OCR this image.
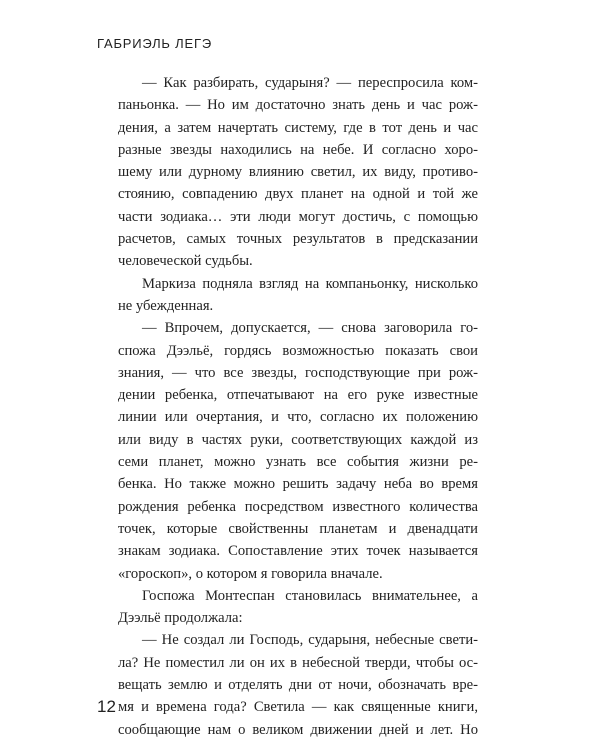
ГАБРИЭЛЬ ЛЕГЭ
— Как разбирать, сударыня? — переспросила ком-
паньонка. — Но им достаточно знать день и час рож-
дения, а затем начертать систему, где в тот день и час
разные звезды находились на небе. И согласно хоро-
шему или дурному влиянию светил, их виду, противо-
стоянию, совпадению двух планет на одной и той же
части зодиака… эти люди могут достичь, с помощью
расчетов, самых точных результатов в предсказании
человеческой судьбы.
Маркиза подняла взгляд на компаньонку, нисколько
не убежденная.
— Впрочем, допускается, — снова заговорила го-
спожа Дээльё, гордясь возможностью показать свои
знания, — что все звезды, господствующие при рож-
дении ребенка, отпечатывают на его руке известные
линии или очертания, и что, согласно их положению
или виду в частях руки, соответствующих каждой из
семи планет, можно узнать все события жизни ре-
бенка. Но также можно решить задачу неба во время
рождения ребенка посредством известного количества
точек, которые свойственны планетам и двенадцати
знакам зодиака. Сопоставление этих точек называется
«гороскоп», о котором я говорила вначале.
Госпожа Монтеспан становилась внимательнее, а
Дээльё продолжала:
— Не создал ли Господь, сударыня, небесные свети-
ла? Не поместил ли он их в небесной тверди, чтобы ос-
вещать землю и отделять дни от ночи, обозначать вре-
мя и времена года? Светила — как священные книги,
сообщающие нам о великом движении дней и лет. Но
12
